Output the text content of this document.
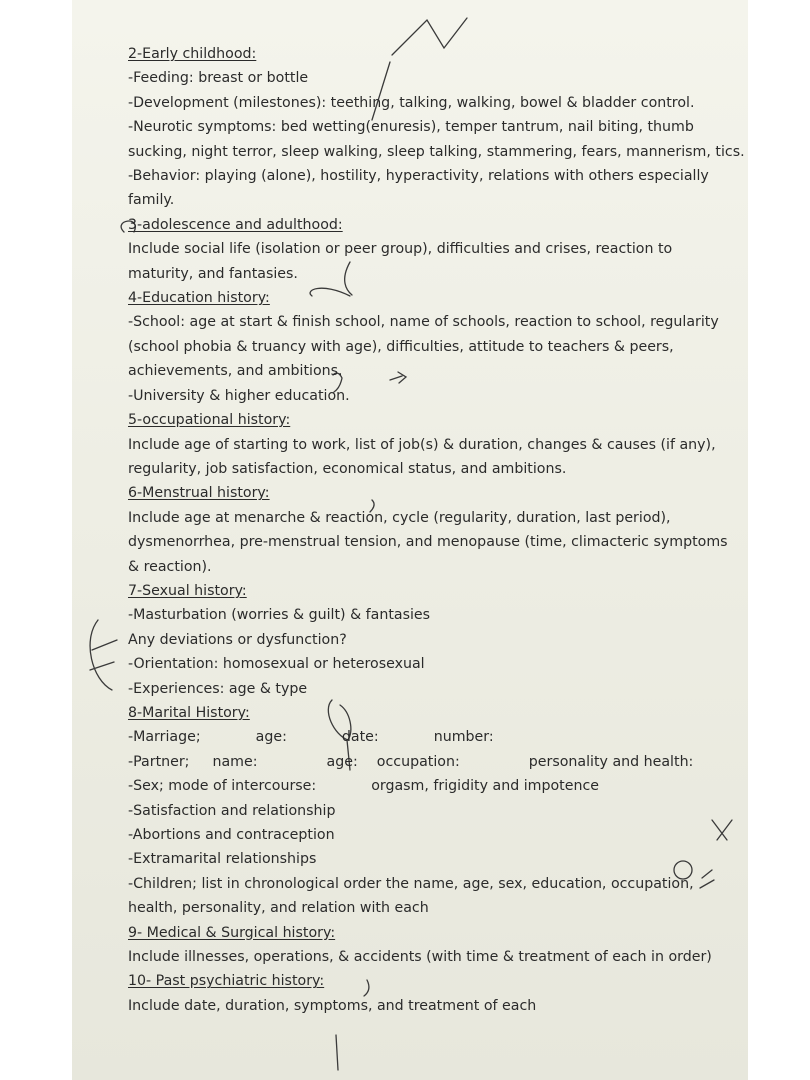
2-Early childhood:
-Feeding: breast or bottle
-Development (milestones): teething, talking, walking, bowel & bladder control.
-Neurotic symptoms: bed wetting(enuresis), temper tantrum, nail biting, thumb
sucking, night terror, sleep walking, sleep talking, stammering, fears, mannerism, tics.
-Behavior: playing (alone), hostility, hyperactivity, relations with others especially
family.
3-adolescence and adulthood:
Include social life (isolation or peer group), difficulties and crises, reaction to
maturity, and fantasies.
4-Education history:
-School: age at start & finish school, name of schools, reaction to school, regularity
(school phobia & truancy with age), difficulties, attitude to teachers & peers,
achievements, and ambitions.
-University & higher education.
5-occupational history:
Include age of starting to work, list of job(s) & duration, changes & causes (if any),
regularity, job satisfaction, economical status, and ambitions.
6-Menstrual history:
Include age at menarche & reaction, cycle (regularity, duration, last period),
dysmenorrhea, pre-menstrual tension, and menopause (time, climacteric symptoms
& reaction).
7-Sexual history:
-Masturbation (worries & guilt) & fantasies
Any deviations or dysfunction?
-Orientation: homosexual or heterosexual
-Experiences: age & type
8-Marital History:
-Marriage;	age:	date:	number:
-Partner; name:	age: occupation:	personality and health:
-Sex; mode of intercourse:	orgasm, frigidity and impotence
-Satisfaction and relationship
-Abortions and contraception
-Extramarital relationships
-Children; list in chronological order the name, age, sex, education, occupation,
health, personality, and relation with each
9- Medical & Surgical history:
Include illnesses, operations, & accidents (with time & treatment of each in order)
10- Past psychiatric history:
Include date, duration, symptoms, and treatment of each
